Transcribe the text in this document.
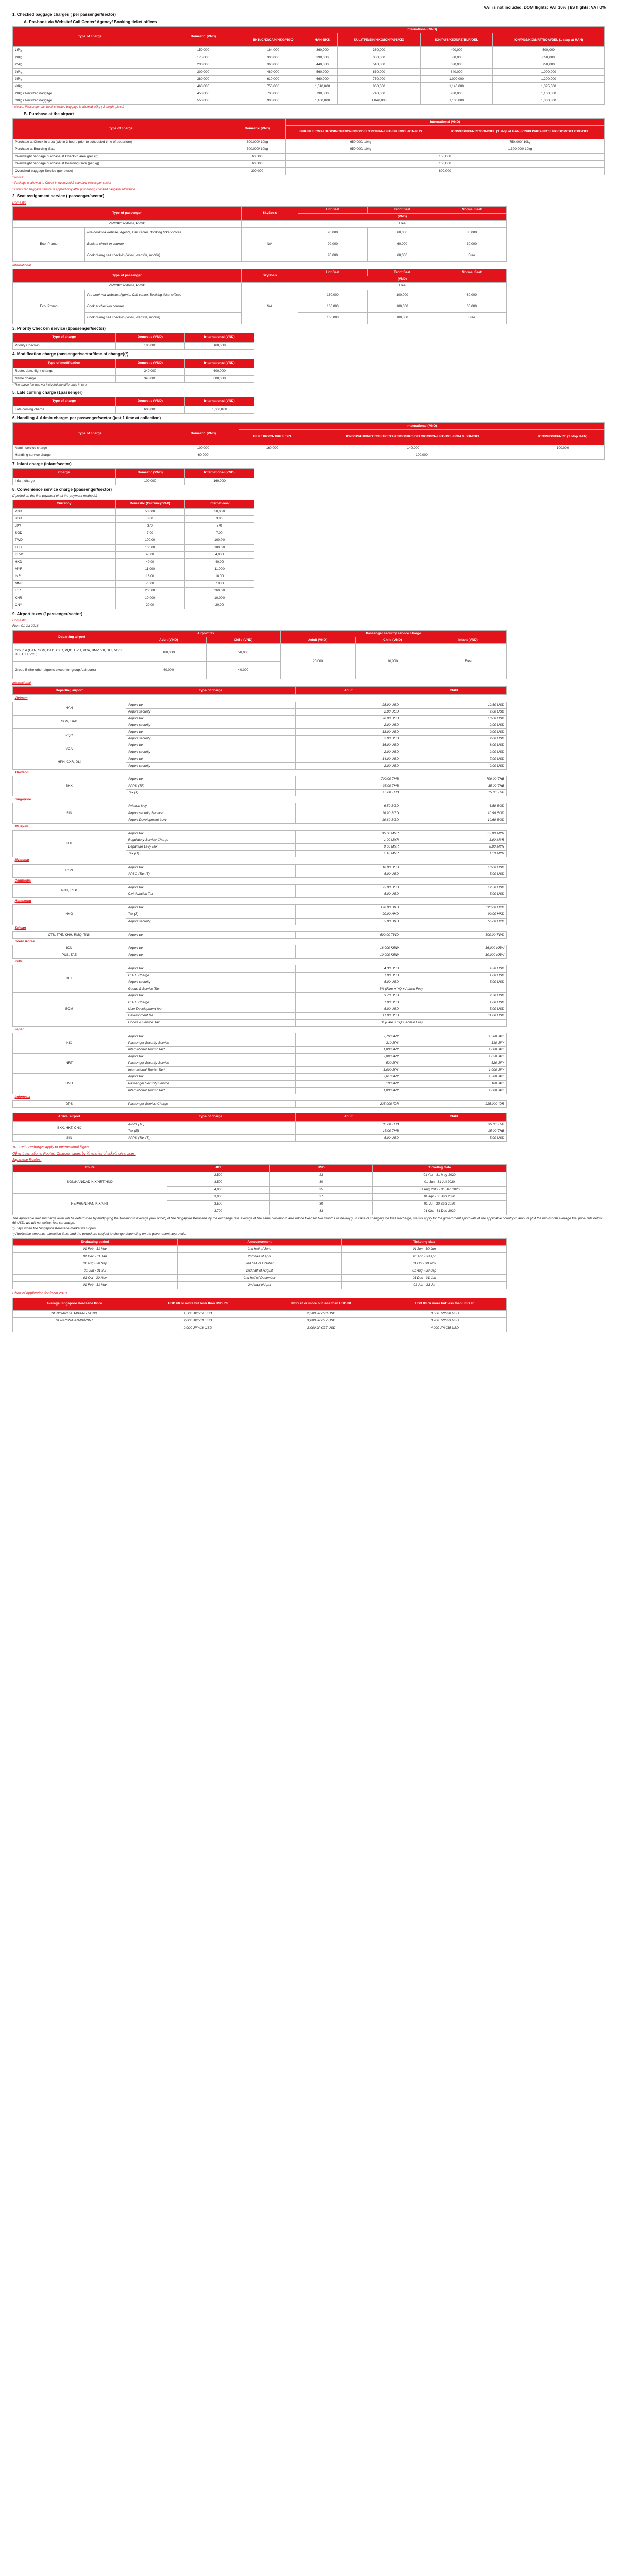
VAT is not included. DOM flights: VAT 10% | I/S flights: VAT 0%
1. Checked baggage charges ( per passenger/sector)
A. Pre-book via Website/ Call Center/ Agency/ Booking ticket offices
Type of charge	Domestic (VND)	International (VND)				
		BKK/CNX/CAN/HKG/NGO	HAN-BKK	KUL/TPE/SIN/HKG/ICN/PUS/KIX	ICN/PUS/KIX/NRT/BLR/DEL	ICN/PUS/KIX/NRT/BOM/DEL (1 stop at HAN)
15kg	150,000	164,000	360,000	380,000	400,000	500,000
20kg	175,000	300,000	390,000	380,000	530,000	650,000
25kg	230,000	360,000	440,000	510,000	630,000	750,000
30kg	300,000	460,000	560,000	630,000	840,000	1,000,000
35kg	380,000	610,000	660,000	750,000	1,000,000	1,200,000
40kg	460,000	750,000	1,010,000	860,000	1,140,000	1,395,000
20kg Oversized baggage	450,000	700,000	790,000	740,000	930,000	1,100,000
30kg Oversized baggage	550,000	900,000	1,100,000	1,040,000	1,100,000	1,300,000
* Notice: Passenger can book checked baggage is allowed 40kg ( 2 weight-piece)
B. Purchase at the airport
Type of charge	Domestic (VND)	International (VND)	
		BKK/KUL/CNX/HKG/SIN/TPE/ICN/NGO/DEL/TPE/HAN/HKG/BKK/DEL/ICN/PUS	ICN/PUS/KIX/NRT/BOM/DEL (1 stop at HAN) ICN/PUS/KIX/NRT/HKG/BOM/DEL/TPE/DEL
Purchase at Check-in area (within 3 hours prior to scheduled time of departure)	300,000/ 10kg	650,000/ 10kg	750,000/ 10kg
Purchase at Boarding Gate	300,000/ 10kg	950,000/ 10kg	1,300,000/ 10kg
Overweight baggage purchase at Check-in area (per kg)	60,000	160,000	
Overweight baggage purchase at Boarding Gate (per kg)	60,000	160,000	
Oversized baggage Service (per piece)	300,000	600,000	
* Notice:
* Package is allowed to Check-in oversized 2 standard pieces per sector
* Oversized baggage service is applied only after purchasing checked baggage allowance
2. Seat assignment service ( passenger/sector)
Domestic
Type of passenger		SkyBoss	Hot Seat	Front Seat	Normal Seat
			(VND)		
VIP/CIP/SkyBoss, P-C/D			Free		
Eco, Promo	Pre-book via website, Agents, Call center, Booking ticket offices	N/A	90,000	60,000	30,000
	Book at check-in counter		90,000	60,000	30,000
	Book during self check-in (kiosk, website, mobile)		90,000	60,000	Free
International
Type of passenger		SkyBoss	Hot Seat	Front Seat	Normal Seat
			(VND)		
VIP/CIP/SkyBoss, P-C/D			Free		
Eco, Promo	Pre-book via website, Agents, Call center, Booking ticket offices	N/A	160,000	100,000	60,000
	Book at check-in counter		160,000	100,000	60,000
	Book during self check-in (kiosk, website, mobile)		160,000	100,000	Free
3. Priority Check-in service (1passenger/sector)
Type of charge	Domestic (VND)	International (VND)
Priority Check-in	100,000	160,000
4. Modification charge (passenger/sector/time of change)(*)
Type of modification	Domestic (VND)	International (VND)
Route, date, flight change	340,000	600,000
Name change	340,000	600,000
* The above fee has not included the difference in fare
5. Late coming charge (1passenger)
Type of charge	Domestic (VND)	International (VND)
Late coming charge	600,000	1,000,000
6. Handling & Admin charge: per passenger/sector (just 1 time at collection)
Type of charge	Domestic (VND)	International (VND)		
		BKK/HKG/CNX/KUL/SIN	ICN/PUS/KIX/NRT/CTS/TPE/TAK/NGO/HKG/DEL/BOM/ICN/HKG/DEL/BOM & SHM/DEL	ICN/PUS/KIX/NRT (1 stop HAN)
Admin service charge	100,000	160,000	140,000	100,000
Handling service charge	60,000	100,000		
7. Infant charge (infant/sector)
Charge	Domestic (VND)	International (VND)
Infant charge	100,000	160,000
8. Convenience service charge (/passenger/sector)
(Applied on the first payment of all the payment methods)
Currency	Domestic (Currency/PAX)	International
VND	50,000	50,000
USD	3.00	3.00
JPY	370	370
SGD	7.00	7.00
TWD	100.00	100.00
THB	100.00	100.00
KRW	4,000	4,000
HKD	40.00	40.00
MYR	11.000	11.000
INR	18.00	18.00
MMK	7.000	7.000
IDR	260.00	260.00
KHR	10,000	10,000
CNY	20.00	20.00
9. Airport taxes (1passenger/sector)
Domestic
From 01 Jul 2016
Departing airport	Airport tax		Passenger security service charge		
	Adult (VND)	Child (VND)	Adult (VND)	Child (VND)	Infant (VND)
Group A (HAN, SGN, DAD, CXR, PQC, HPH, VCA, BMV, VII, HUI, VDO, DLI, UIH, VCL)	100,000	50,000	20,000	10,000	Free
Group B (the other airports except for group A airports)	60,000	40,000			
International
Departing airport	Type of charge	Adult	Child
Vietnam			
HAN	Airport tax	25.00 USD	12.50 USD
	Airport security	2.00 USD	2.00 USD
SGN, DAD	Airport tax	20.00 USD	10.00 USD
	Airport security	2.00 USD	2.00 USD
PQC	Airport tax	18.00 USD	9.00 USD
	Airport security	2.00 USD	2.00 USD
VCA	Airport tax	16.00 USD	8.00 USD
	Airport security	2.00 USD	2.00 USD
HPH, CXR, DLI	Airport tax	14.00 USD	7.00 USD
	Airport security	2.00 USD	2.00 USD
Thailand			
BKK	Airport tax	700.00 THB	700.00 THB
	APPS (TF)	35.00 THB	35.00 THB
	Tax (J)	15.00 THB	15.00 THB
Singapore			
SIN	Aviation levy	6.50 SGD	6.50 SGD
	Airport security Service	10.90 SGD	10.90 SGD
	Airport Development Levy	10.60 SGD	10.60 SGD
Malaysia			
KUL	Airport tax	35.00 MYR	35.00 MYR
	Regulatory Service Charge	1.00 MYR	1.00 MYR
	Departure Levy Tax	8.00 MYR	8.00 MYR
	Tax (D)	1.10 MYR	1.10 MYR
Myanmar			
RGN	Airport tax	10.00 USD	10.00 USD
	APSC (Tax (T)	5.00 USD	5.00 USD
Cambodia			
PNH, REP	Airport tax	25.00 USD	12.50 USD
	Civil Aviation Tax	5.00 USD	5.00 USD
Hongkong			
HKG	Airport tax	120.00 HKD	120.00 HKD
	Tax (J)	90.00 HKD	90.00 HKD
	Airport security	55.00 HKD	55.00 HKD
Taiwan			
CTS, TPE, KHH, RMQ, TNN	Airport tax	500.00 TWD	500.00 TWD
South Korea			
ICN	Airport tax	16,000 KRW	16,000 KRW
PUS, TAE	Airport tax	10,000 KRW	10,000 KRW
India			
DEL	Airport tax	4.30 USD	4.30 USD
	CUTE Charge	1.00 USD	1.00 USD
	Airport security	5.00 USD	5.00 USD
	Goods & Service Tax	5% (Fare + YQ + Admin Fee)	
BOM	Airport tax	9.70 USD	9.70 USD
	CUTE Charge	1.00 USD	1.00 USD
	User Development fee	5.00 USD	5.00 USD
	Development fee	11.00 USD	11.00 USD
	Goods & Service Tax	5% (Fare + YQ + Admin Fee)	
Japan			
KIX	Airport tax	2,760 JPY	1,380 JPY
	Passenger Security Service	310 JPY	310 JPY
	International Tourist Tax*	1,000 JPY	1,000 JPY
NRT	Airport tax	2,090 JPY	1,050 JPY
	Passenger Security Service	520 JPY	520 JPY
	International Tourist Tax*	1,000 JPY	1,000 JPY
HND	Airport tax	2,610 JPY	1,300 JPY
	Passenger Security Service	100 JPY	100 JPY
	International Tourist Tax*	1,000 JPY	1,000 JPY
Indonesia			
DPS	Passenger Service Charge	225,000 IDR	225,000 IDR
Arrival airport	Type of charge	Adult	Child
BKK, HKT, CNX	APPS (TF)	35.00 THB	35.00 THB
	Tax (E)	15.00 THB	15.00 THB
SIN	APPS (Tax (T))	5.00 USD	5.00 USD
10. Fuel Surcharge: Apply to International flights.
Other International Routes: Charges varies by itineraries of ticketing/services.
Japanese Routes:
Route	JPY	USD	Ticketing date
SGN/HAN/DAD-KIX/NRT/HND	2,500	23	01 Apr - 31 May 2020
	3,500	30	01 Jun - 31 Jul 2020
	4,000	35	01 Aug 2019 - 31 Jan 2020
REP/RGN/HAN-KIX/NRT	3,000	27	01 Apr - 30 Jun 2020
	3,500	30	01 Jul - 30 Sep 2020
	3,700	33	01 Oct - 31 Dec 2020
The applicable fuel surcharge level will be determined by multiplying the two-month average (fuel price*) of the Singapore Kerosene by the exchange rate average of the same two-month and will be fixed for two months as below(*). In case of changing the fuel surcharge, we will apply for the government approvals of the applicable country in amount (£ if the two-month average fuel price falls below 60 USD, we will not collect fuel surcharge.
*) Days when the Singapore Kerosene market was open
*) Applicable amounts, execution time, and the period are subject to change depending on the government approvals.
Evaluating period	Announcement	Ticketing date
01 Feb - 31 Mar	2nd half of June	01 Jun - 30 Jun
01 Dec - 31 Jan	2nd half of April	01 Apr - 30 Apr
01 Aug - 30 Sep	2nd half of October	01 Oct - 30 Nov
01 Jun - 31 Jul	2nd half of August	01 Aug - 30 Sep
01 Oct - 30 Nov	2nd half of December	01 Dec - 31 Jan
01 Feb - 31 Mar	2nd half of April	01 Jun - 31 Jul
Chart of application for fiscal 2019
Average Singapore Kerosene Price	USD 60 or more but less than USD 70	USD 70 or more but less than USD 80	USD 80 or more but less than USD 90
SGN/HAN/DAD-KIX/NRT/HND	1,500 JPY/14 USD	2,500 JPY/23 USD	3,500 JPY/30 USD
REP/RGN/HAN-KIX/NRT	2,000 JPY/18 USD	3,000 JPY/27 USD	3,700 JPY/33 USD
	2,000 JPY/18 USD	3,000 JPY/27 USD	4,000 JPY/35 USD
